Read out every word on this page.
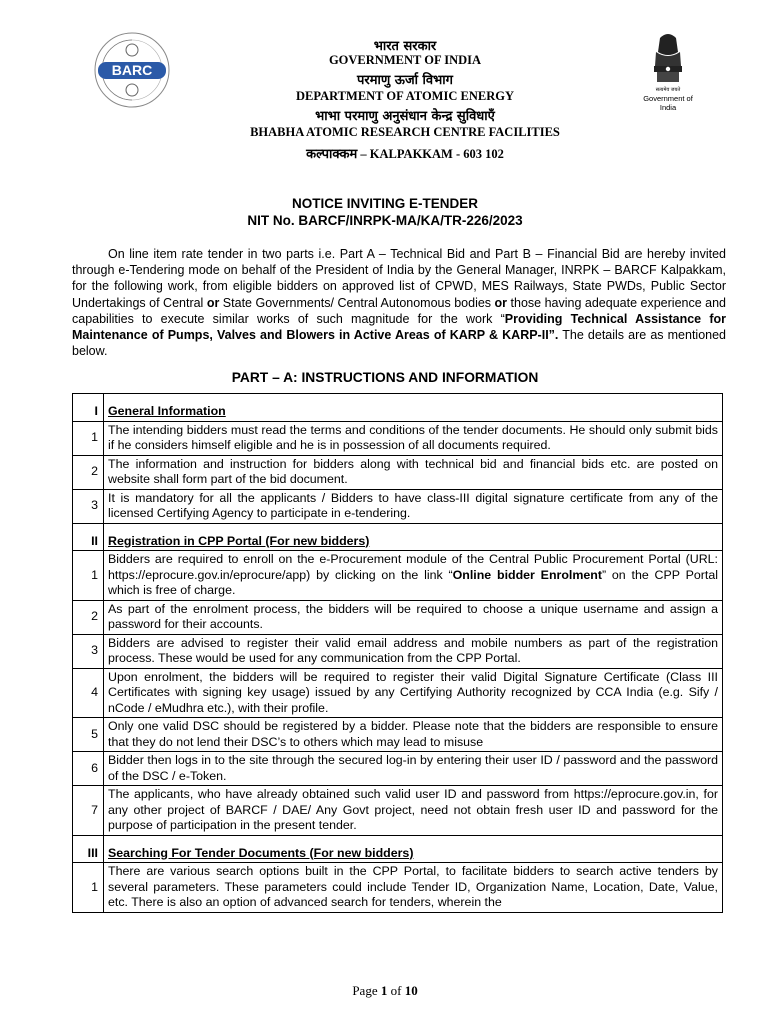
BARC
सत्यमेव जयते
Government of India
भारत सरकार
GOVERNMENT OF INDIA
परमाणु ऊर्जा विभाग
DEPARTMENT OF ATOMIC ENERGY
भाभा परमाणु अनुसंधान केन्द्र सुविधाएँ
BHABHA ATOMIC RESEARCH CENTRE FACILITIES
कल्पाक्कम – KALPAKKAM - 603 102
NOTICE INVITING E-TENDER
NIT No. BARCF/INRPK-MA/KA/TR-226/2023
On line item rate tender in two parts i.e. Part A – Technical Bid and Part B – Financial Bid are hereby invited through e-Tendering mode on behalf of the President of India by the General Manager, INRPK – BARCF Kalpakkam, for the following work, from eligible bidders on approved list of CPWD, MES Railways, State PWDs, Public Sector Undertakings of Central or State Governments/ Central Autonomous bodies or those having adequate experience and capabilities to execute similar works of such magnitude for the work “Providing Technical Assistance for Maintenance of Pumps, Valves and Blowers in Active Areas of KARP & KARP-II”. The details are as mentioned below.
PART – A: INSTRUCTIONS AND INFORMATION
I	General Information
1	The intending bidders must read the terms and conditions of the tender documents. He should only submit bids if he considers himself eligible and he is in possession of all documents required.
2	The information and instruction for bidders along with technical bid and financial bids etc. are posted on website shall form part of the bid document.
3	It is mandatory for all the applicants / Bidders to have class-III digital signature certificate from any of the licensed Certifying Agency to participate in e-tendering.
II	Registration in CPP Portal (For new bidders)
1	Bidders are required to enroll on the e-Procurement module of the Central Public Procurement Portal (URL: https://eprocure.gov.in/eprocure/app) by clicking on the link “Online bidder Enrolment” on the CPP Portal which is free of charge.
2	As part of the enrolment process, the bidders will be required to choose a unique username and assign a password for their accounts.
3	Bidders are advised to register their valid email address and mobile numbers as part of the registration process. These would be used for any communication from the CPP Portal.
4	Upon enrolment, the bidders will be required to register their valid Digital Signature Certificate (Class III Certificates with signing key usage) issued by any Certifying Authority recognized by CCA India (e.g. Sify / nCode / eMudhra etc.), with their profile.
5	Only one valid DSC should be registered by a bidder. Please note that the bidders are responsible to ensure that they do not lend their DSC’s to others which may lead to misuse
6	Bidder then logs in to the site through the secured log-in by entering their user ID / password and the password of the DSC / e-Token.
7	The applicants, who have already obtained such valid user ID and password from https://eprocure.gov.in, for any other project of BARCF / DAE/ Any Govt project, need not obtain fresh user ID and password for the purpose of participation in the present tender.
III	Searching For Tender Documents (For new bidders)
1	There are various search options built in the CPP Portal, to facilitate bidders to search active tenders by several parameters. These parameters could include Tender ID, Organization Name, Location, Date, Value, etc. There is also an option of advanced search for tenders, wherein the
Page 1 of 10
